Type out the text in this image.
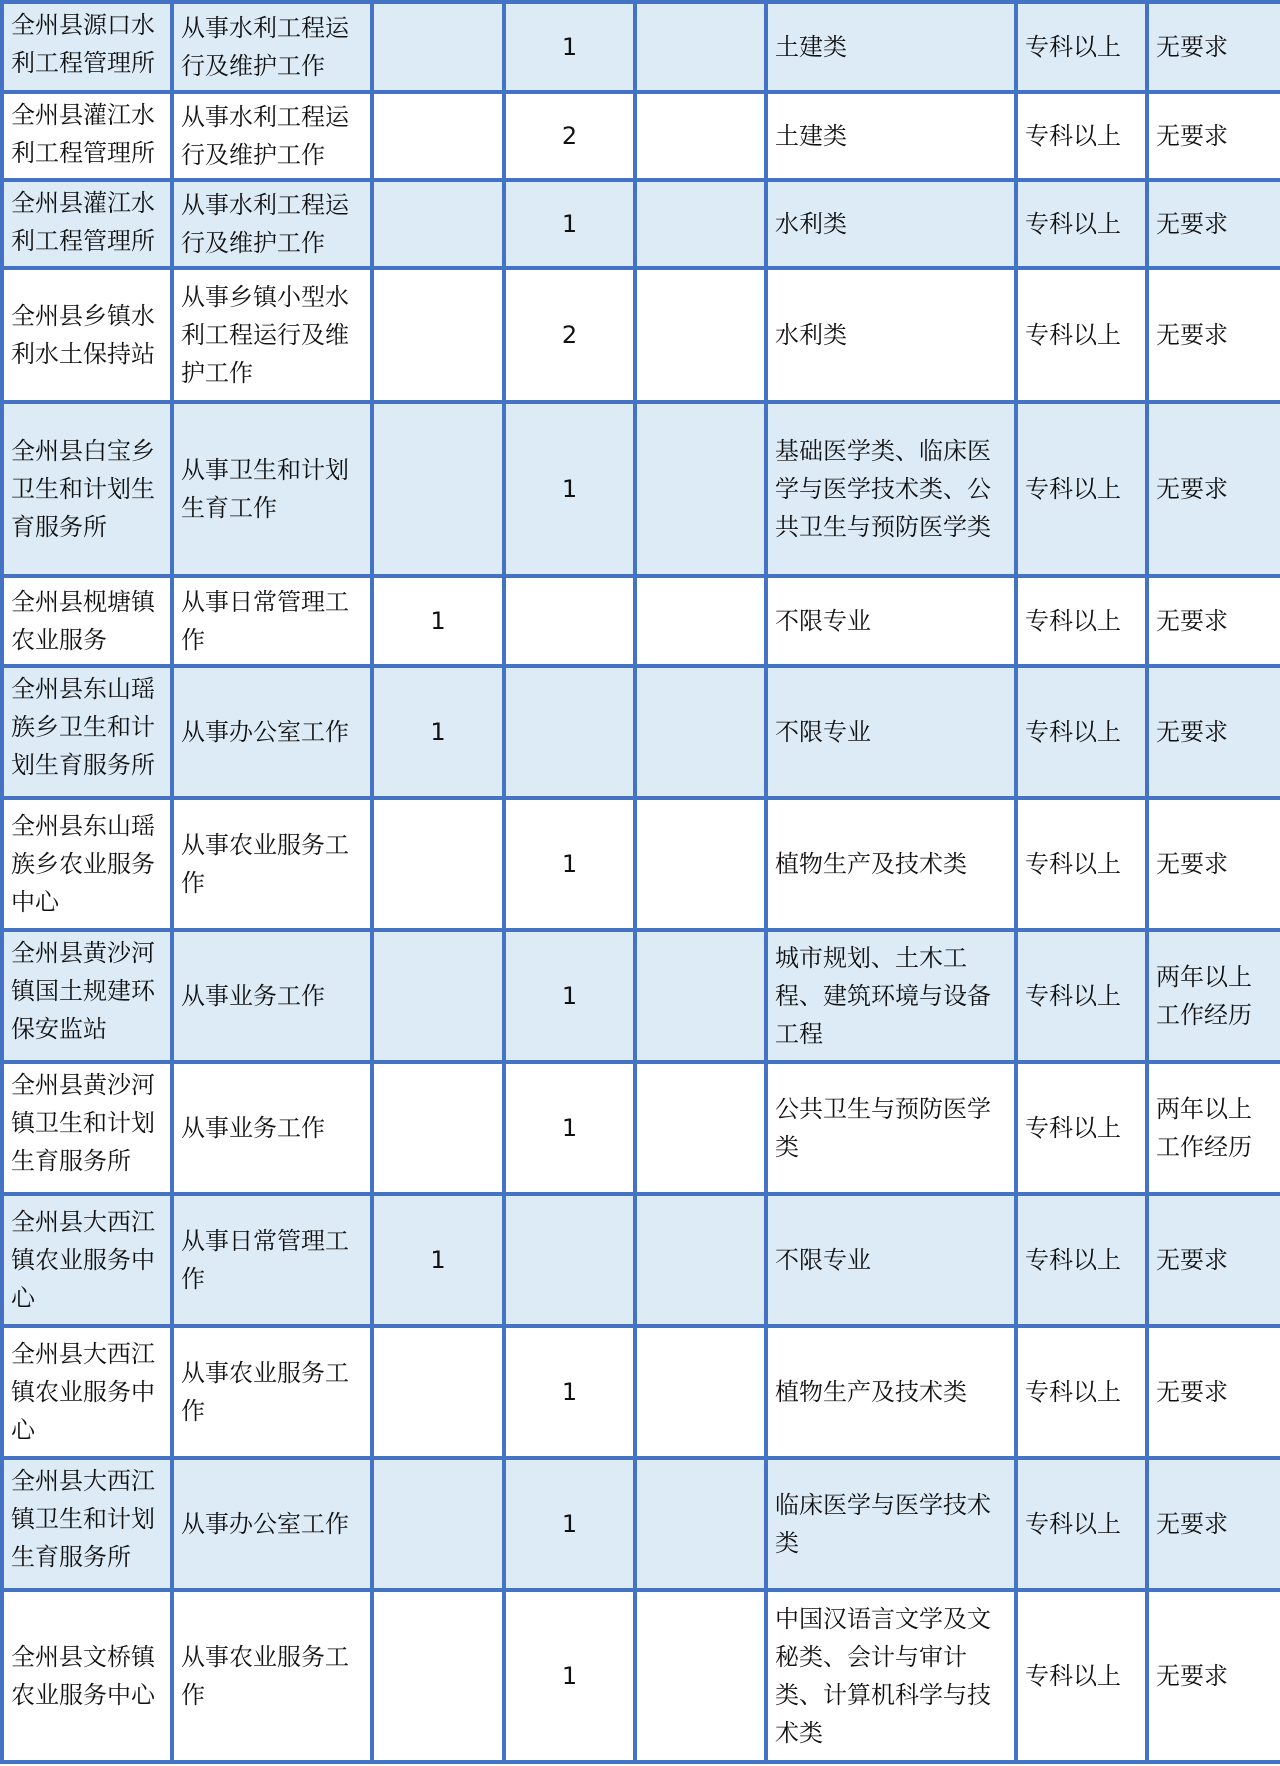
全州县源口水利工程管理所	从事水利工程运行及维护工作		1		土建类	专科以上	无要求

全州县灌江水利工程管理所	从事水利工程运行及维护工作		2		土建类	专科以上	无要求

全州县灌江水利工程管理所	从事水利工程运行及维护工作		1		水利类	专科以上	无要求
全州县乡镇水利水土保持站	从事乡镇小型水利工程运行及维护工作		2		水利类	专科以上	无要求
全州县白宝乡卫生和计划生育服务所	从事卫生和计划生育工作		1		基础医学类、临床医学与医学技术类、公共卫生与预防医学类	专科以上	无要求
全州县枧塘镇农业服务	从事日常管理工作	1			不限专业	专科以上	无要求

全州县东山瑶族乡卫生和计划生育服务所	从事办公室工作	1			不限专业	专科以上	无要求
全州县东山瑶族乡农业服务中心	从事农业服务工作		1		植物生产及技术类	专科以上	无要求

全州县黄沙河镇国土规建环保安监站	从事业务工作		1		城市规划、土木工程、建筑环境与设备工程	专科以上	两年以上工作经历

全州县黄沙河镇卫生和计划生育服务所	从事业务工作		1		公共卫生与预防医学类	专科以上	两年以上工作经历
全州县大西江镇农业服务中心	从事日常管理工作	1			不限专业	专科以上	无要求
全州县大西江镇农业服务中心	从事农业服务工作		1		植物生产及技术类	专科以上	无要求

全州县大西江镇卫生和计划生育服务所	从事办公室工作		1		临床医学与医学技术类	专科以上	无要求
全州县文桥镇农业服务中心	从事农业服务工作		1		中国汉语言文学及文秘类、会计与审计类、计算机科学与技术类	专科以上	无要求
